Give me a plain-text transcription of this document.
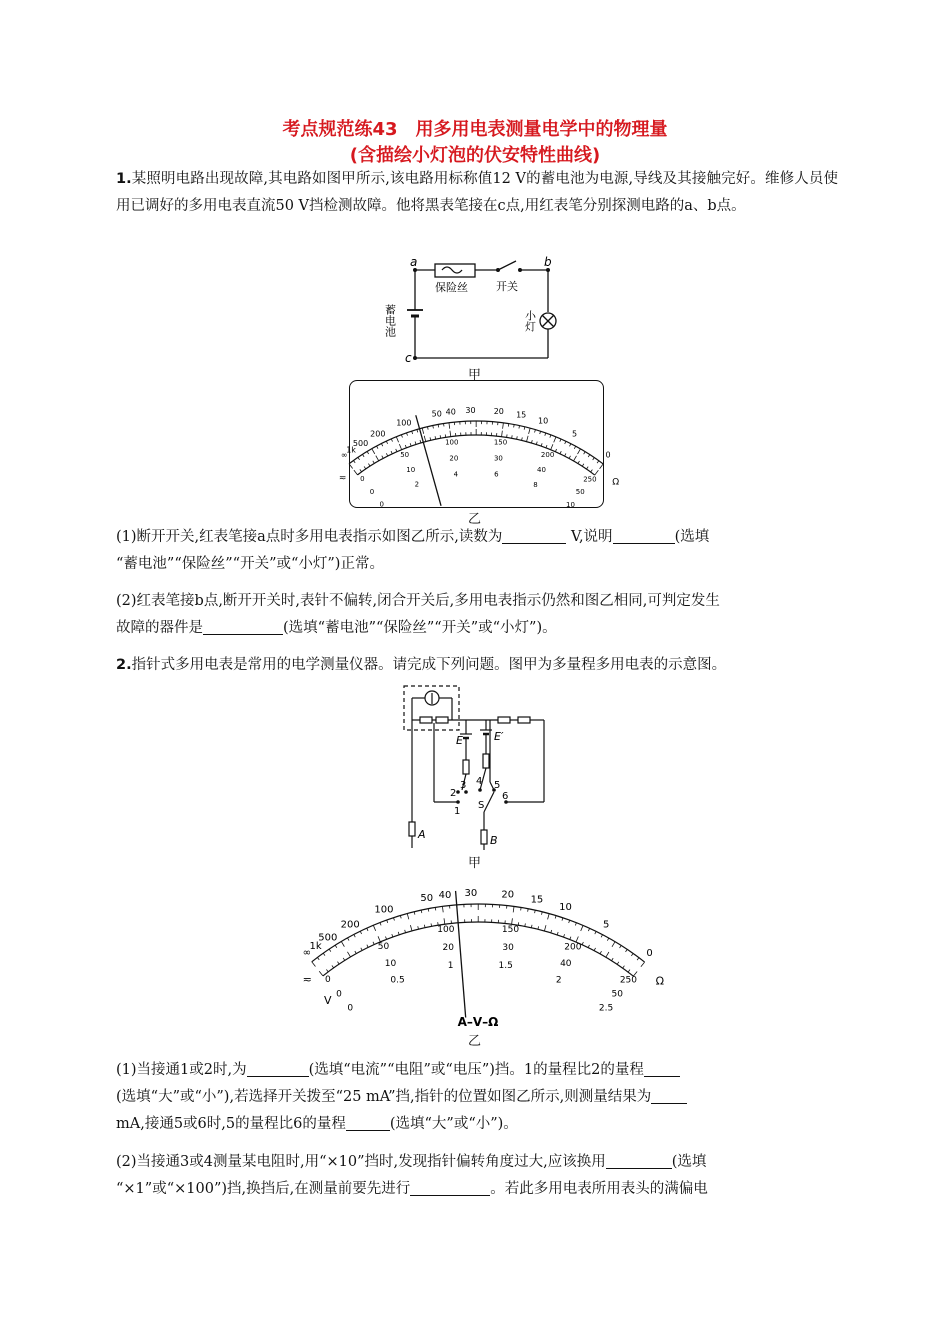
考点规范练43　用多用电表测量电学中的物理量
(含描绘小灯泡的伏安特性曲线)
1.某照明电路出现故障,其电路如图甲所示,该电路用标称值12 V的蓄电池为电源,导线及其接触完好。维修人员使用已调好的多用电表直流50 V挡检测故障。他将黑表笔接在c点,用红表笔分别探测电路的a、b点。
a	b
c
保险丝	开关
蓄电池	小灯
甲
∞
1k
500
200
100
50 40 30 20 15
10
5
0
Ω
0
50
100	150
200
250
0
10
20	30
40
50
0
2
4	6
8
10
≂
乙
(1)断开开关,红表笔接a点时多用电表指示如图乙所示,读数为	V,说明	(选填
“蓄电池”“保险丝”“开关”或“小灯”)正常。
(2)红表笔接b点,断开开关时,表针不偏转,闭合开关后,多用电表指示仍然和图乙相同,可判定发生
故障的器件是	(选填“蓄电池”“保险丝”“开关”或“小灯”)。
2.指针式多用电表是常用的电学测量仪器。请完成下列问题。图甲为多量程多用电表的示意图。
E	E′
1
2
3 4 5
6
S
A	B
甲
∞
1k
500
200
100
50 40 30 20 15
10
5
0
Ω
0
50
100	150
200
250
0
10
20	30
40
50
0
0.5
1	1.5
2
2.5
≂
V
A–V–Ω
乙
(1)当接通1或2时,为	(选填“电流”“电阻”或“电压”)挡。1的量程比2的量程
(选填“大”或“小”),若选择开关拨至“25 mA”挡,指针的位置如图乙所示,则测量结果为
mA,接通5或6时,5的量程比6的量程	(选填“大”或“小”)。
(2)当接通3或4测量某电阻时,用“×10”挡时,发现指针偏转角度过大,应该换用	(选填
“×1”或“×100”)挡,换挡后,在测量前要先进行	。若此多用电表所用表头的满偏电
